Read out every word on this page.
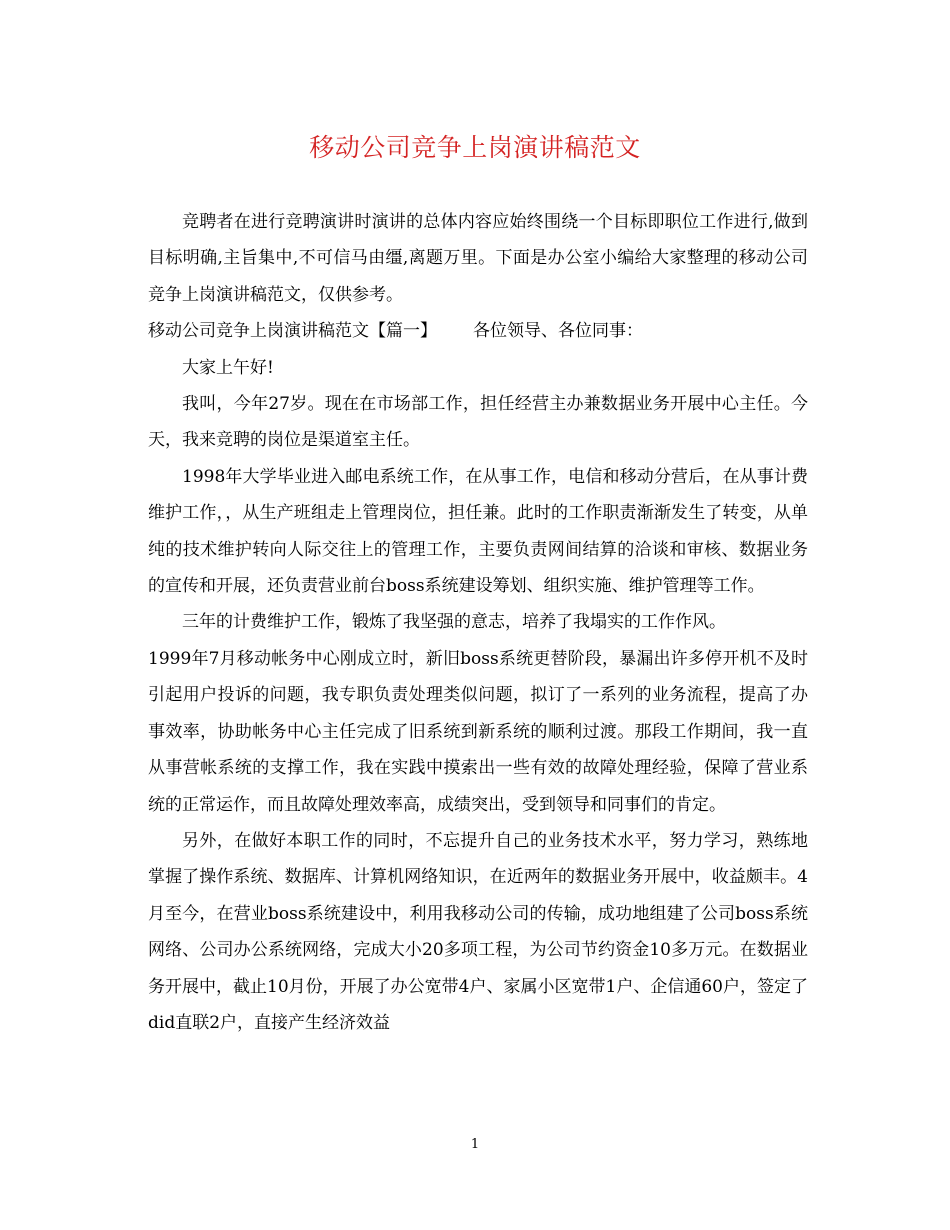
移动公司竞争上岗演讲稿范文

竞聘者在进行竞聘演讲时演讲的总体内容应始终围绕一个目标即职位工作进行,做到目标明确,主旨集中,不可信马由缰,离题万里。下面是办公室小编给大家整理的移动公司竞争上岗演讲稿范文，仅供参考。

移动公司竞争上岗演讲稿范文【篇一】 各位领导、各位同事：

大家上午好!

我叫，今年27岁。现在在市场部工作，担任经营主办兼数据业务开展中心主任。今天，我来竞聘的岗位是渠道室主任。

1998年大学毕业进入邮电系统工作，在从事工作，电信和移动分营后，在从事计费维护工作，，从生产班组走上管理岗位，担任兼。此时的工作职责渐渐发生了转变，从单纯的技术维护转向人际交往上的管理工作，主要负责网间结算的洽谈和审核、数据业务的宣传和开展，还负责营业前台boss系统建设筹划、组织实施、维护管理等工作。

三年的计费维护工作，锻炼了我坚强的意志，培养了我塌实的工作作风。

1999年7月移动帐务中心刚成立时，新旧boss系统更替阶段，暴漏出许多停开机不及时引起用户投诉的问题，我专职负责处理类似问题，拟订了一系列的业务流程，提高了办事效率，协助帐务中心主任完成了旧系统到新系统的顺利过渡。那段工作期间，我一直从事营帐系统的支撑工作，我在实践中摸索出一些有效的故障处理经验，保障了营业系统的正常运作，而且故障处理效率高，成绩突出，受到领导和同事们的肯定。

另外，在做好本职工作的同时，不忘提升自己的业务技术水平，努力学习，熟练地掌握了操作系统、数据库、计算机网络知识，在近两年的数据业务开展中，收益颇丰。4月至今，在营业boss系统建设中，利用我移动公司的传输，成功地组建了公司boss系统网络、公司办公系统网络，完成大小20多项工程，为公司节约资金10多万元。在数据业务开展中，截止10月份，开展了办公宽带4户、家属小区宽带1户、企信通60户，签定了did直联2户，直接产生经济效益

1
